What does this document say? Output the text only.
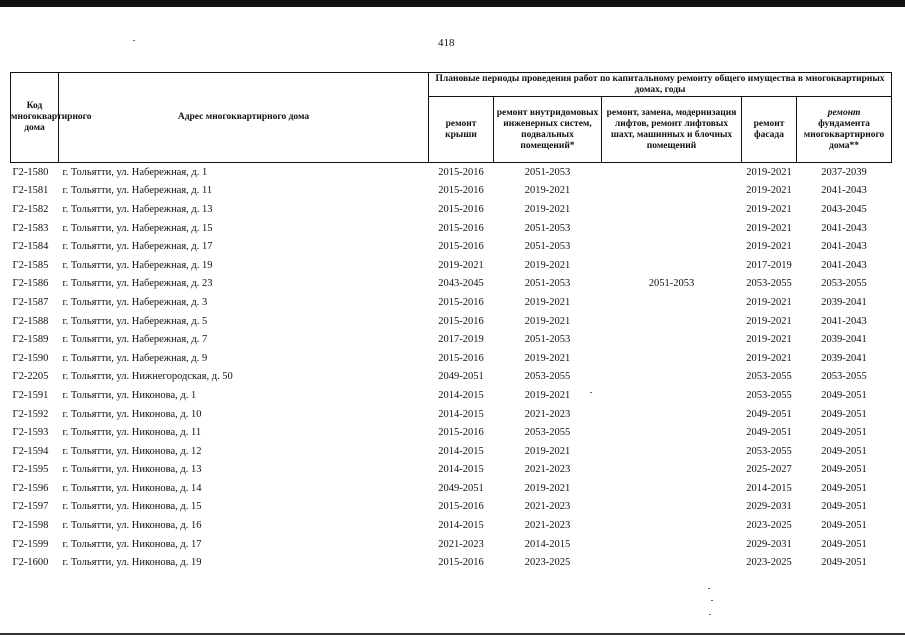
418
Код многоквартирного дома	Адрес многоквартирного дома	Плановые периоды проведения работ по капитальному ремонту общего имущества в многоквартирных домах, годы				
		ремонт крыши	ремонт внутридомовых инженерных систем, подвальных помещений*	ремонт, замена, модернизация лифтов, ремонт лифтовых шахт, машинных и блочных помещений	ремонт фасада	ремонт
фундамента многоквартирного дома**
Г2-1580	г. Тольятти, ул. Набережная, д. 1	2015-2016	2051-2053		2019-2021	2037-2039
Г2-1581	г. Тольятти, ул. Набережная, д. 11	2015-2016	2019-2021		2019-2021	2041-2043
Г2-1582	г. Тольятти, ул. Набережная, д. 13	2015-2016	2019-2021		2019-2021	2043-2045
Г2-1583	г. Тольятти, ул. Набережная, д. 15	2015-2016	2051-2053		2019-2021	2041-2043
Г2-1584	г. Тольятти, ул. Набережная, д. 17	2015-2016	2051-2053		2019-2021	2041-2043
Г2-1585	г. Тольятти, ул. Набережная, д. 19	2019-2021	2019-2021		2017-2019	2041-2043
Г2-1586	г. Тольятти, ул. Набережная, д. 23	2043-2045	2051-2053	2051-2053	2053-2055	2053-2055
Г2-1587	г. Тольятти, ул. Набережная, д. 3	2015-2016	2019-2021		2019-2021	2039-2041
Г2-1588	г. Тольятти, ул. Набережная, д. 5	2015-2016	2019-2021		2019-2021	2041-2043
Г2-1589	г. Тольятти, ул. Набережная, д. 7	2017-2019	2051-2053		2019-2021	2039-2041
Г2-1590	г. Тольятти, ул. Набережная, д. 9	2015-2016	2019-2021		2019-2021	2039-2041
Г2-2205	г. Тольятти, ул. Нижнегородская, д. 50	2049-2051	2053-2055		2053-2055	2053-2055
Г2-1591	г. Тольятти, ул. Никонова, д. 1	2014-2015	2019-2021		2053-2055	2049-2051
Г2-1592	г. Тольятти, ул. Никонова, д. 10	2014-2015	2021-2023		2049-2051	2049-2051
Г2-1593	г. Тольятти, ул. Никонова, д. 11	2015-2016	2053-2055		2049-2051	2049-2051
Г2-1594	г. Тольятти, ул. Никонова, д. 12	2014-2015	2019-2021		2053-2055	2049-2051
Г2-1595	г. Тольятти, ул. Никонова, д. 13	2014-2015	2021-2023		2025-2027	2049-2051
Г2-1596	г. Тольятти, ул. Никонова, д. 14	2049-2051	2019-2021		2014-2015	2049-2051
Г2-1597	г. Тольятти, ул. Никонова, д. 15	2015-2016	2021-2023		2029-2031	2049-2051
Г2-1598	г. Тольятти, ул. Никонова, д. 16	2014-2015	2021-2023		2023-2025	2049-2051
Г2-1599	г. Тольятти, ул. Никонова, д. 17	2021-2023	2014-2015		2029-2031	2049-2051
Г2-1600	г. Тольятти, ул. Никонова, д. 19	2015-2016	2023-2025		2023-2025	2049-2051
